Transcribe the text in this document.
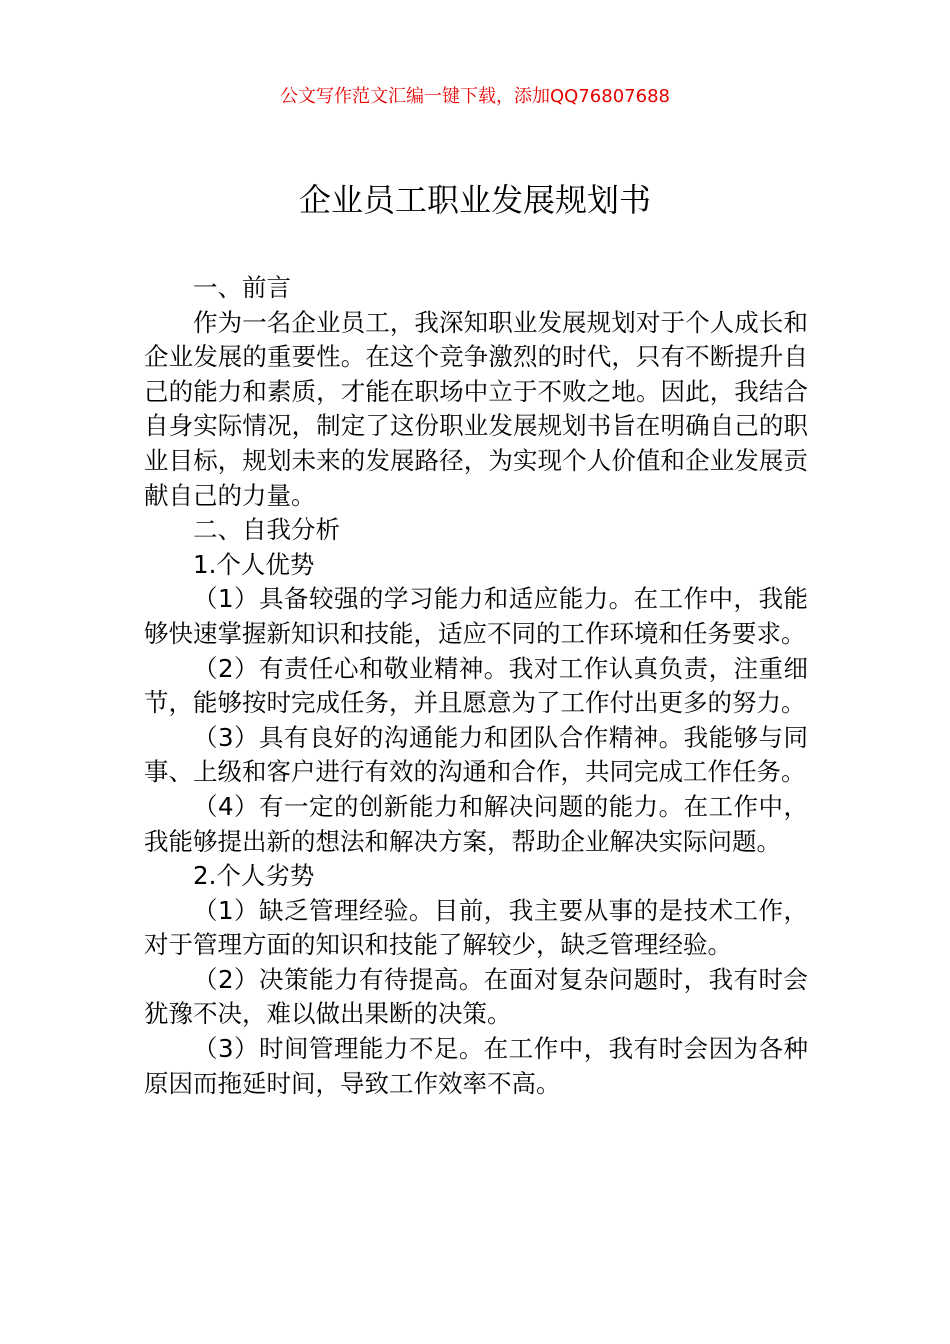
公文写作范文汇编一键下载，添加QQ76807688
企业员工职业发展规划书

一、前言

作为一名企业员工，我深知职业发展规划对于个人成长和企业发展的重要性。在这个竞争激烈的时代，只有不断提升自己的能力和素质，才能在职场中立于不败之地。因此，我结合自身实际情况，制定了这份职业发展规划书旨在明确自己的职业目标，规划未来的发展路径，为实现个人价值和企业发展贡献自己的力量。

二、自我分析

1.个人优势

（1）具备较强的学习能力和适应能力。在工作中，我能够快速掌握新知识和技能，适应不同的工作环境和任务要求。

（2）有责任心和敬业精神。我对工作认真负责，注重细节，能够按时完成任务，并且愿意为了工作付出更多的努力。

（3）具有良好的沟通能力和团队合作精神。我能够与同事、上级和客户进行有效的沟通和合作，共同完成工作任务。

（4）有一定的创新能力和解决问题的能力。在工作中，我能够提出新的想法和解决方案，帮助企业解决实际问题。

2.个人劣势

（1）缺乏管理经验。目前，我主要从事的是技术工作，对于管理方面的知识和技能了解较少，缺乏管理经验。

（2）决策能力有待提高。在面对复杂问题时，我有时会犹豫不决，难以做出果断的决策。

（3）时间管理能力不足。在工作中，我有时会因为各种原因而拖延时间，导致工作效率不高。
